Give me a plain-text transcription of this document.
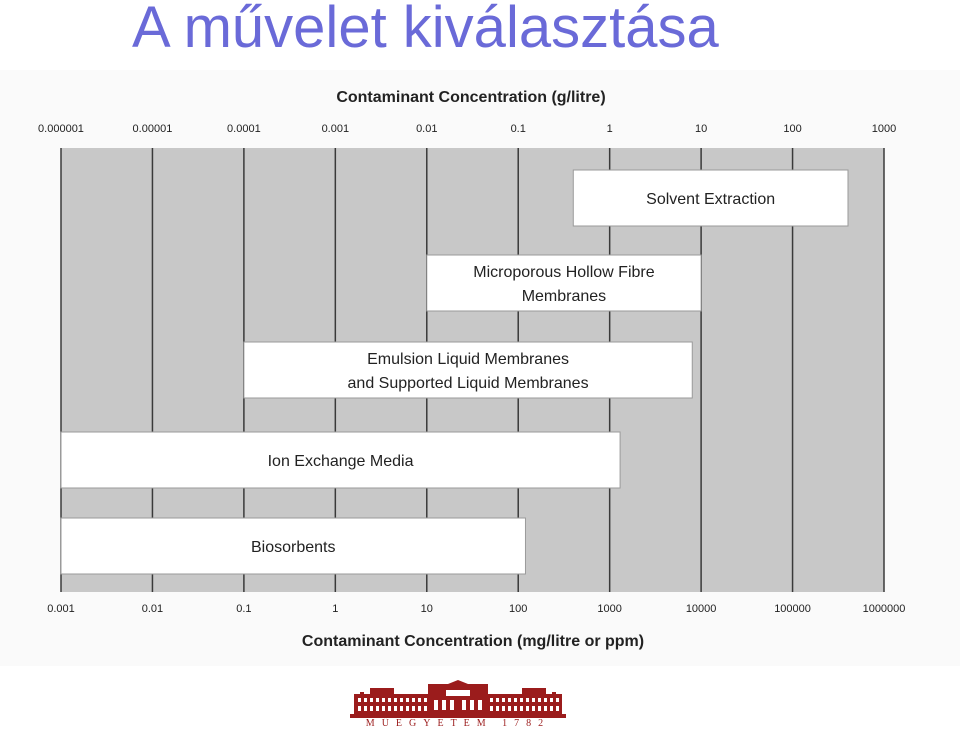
A művelet kiválasztása
Contaminant Concentration (g/litre)
Contaminant Concentration (mg/litre or ppm)
0.001
0.000001
0.01
0.00001
0.1
0.0001
1
0.001
10
0.01
100
0.1
1000
1
10000
10
100000
100
1000000
1000
Solvent Extraction
Microporous Hollow Fibre
Membranes
Emulsion Liquid Membranes
and Supported Liquid Membranes
Ion Exchange Media
Biosorbents
MŰEGYETEM 1782
